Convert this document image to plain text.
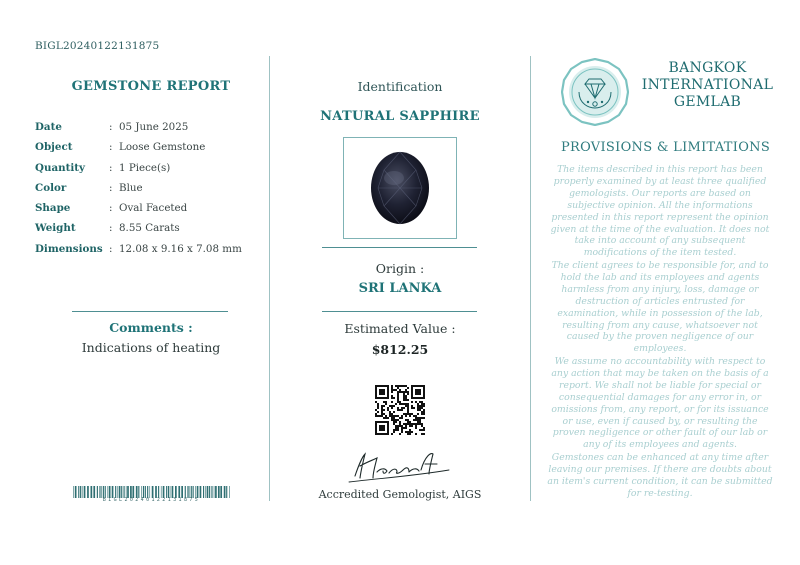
BIGL20240122131875
GEMSTONE REPORT
Date	: 05 June 2025
Object	: Loose Gemstone
Quantity : 1 Piece(s)
Color	: Blue
Shape	: Oval Faceted
Weight	: 8.55 Carats
Dimensions : 12.08 x 9.16 x 7.08 mm
Comments :
Indications of heating
BIGL20240122131875
Identification
NATURAL SAPPHIRE
Origin :
SRI LANKA
Estimated Value :
$812.25
Accredited Gemologist, AIGS
BANGKOK
INTERNATIONAL
GEMLAB
PROVISIONS & LIMITATIONS
The items described in this report has been properly examined by at least three qualified gemologists. Our reports are based on subjective opinion. All the informations presented in this report represent the opinion given at the time of the evaluation. It does not take into account of any subsequent modifications of the item tested.
The client agrees to be responsible for, and to hold the lab and its employees and agents harmless from any injury, loss, damage or destruction of articles entrusted for examination, while in possession of the lab, resulting from any cause, whatsoever not caused by the proven negligence of our employees.
We assume no accountability with respect to any action that may be taken on the basis of a report. We shall not be liable for special or consequential damages for any error in, or omissions from, any report, or for its issuance or use, even if caused by, or resulting the proven negligence or other fault of our lab or any of its employees and agents.
Gemstones can be enhanced at any time after leaving our premises. If there are doubts about an item's current condition, it can be submitted for re-testing.
